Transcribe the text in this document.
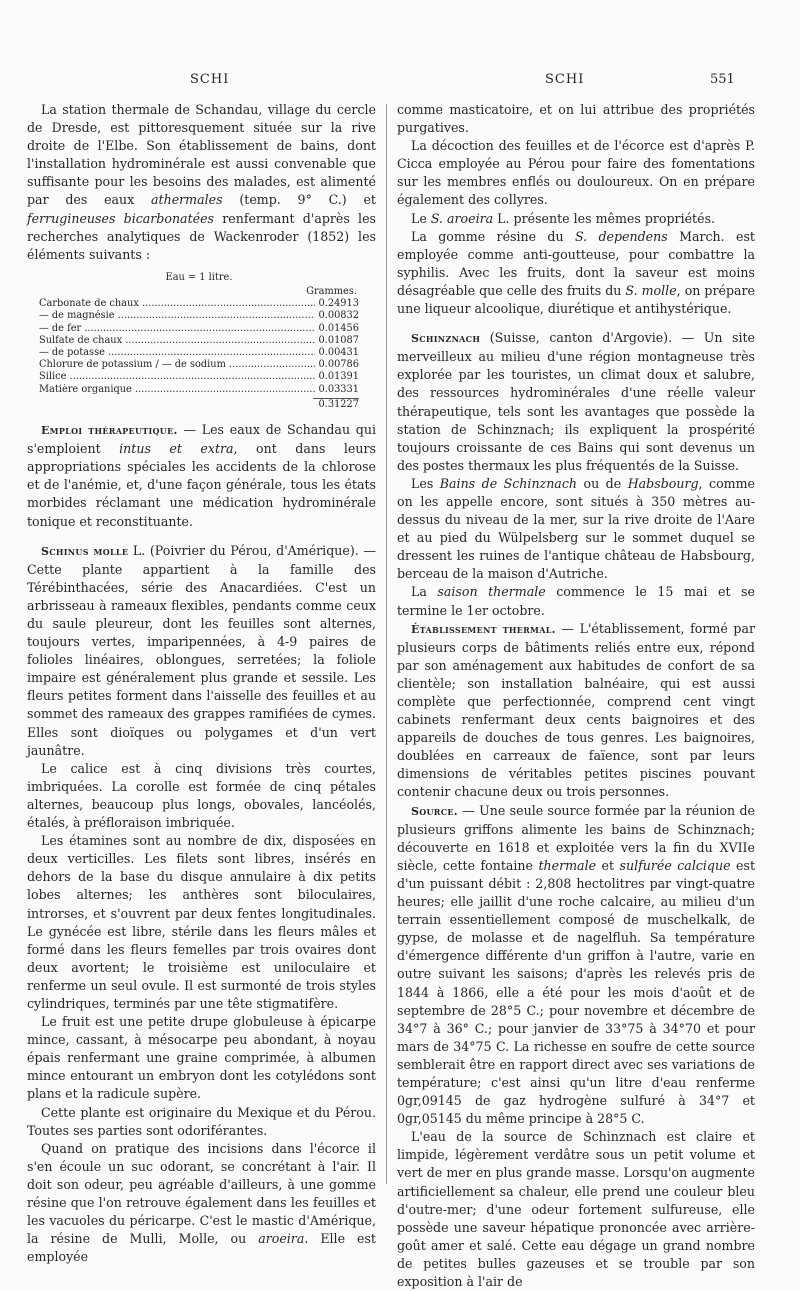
SCHI	SCHI	551

La station thermale de Schandau, village du cercle de Dresde, est pittoresquement située sur la rive droite de l'Elbe. Son établissement de bains, dont l'installation hydrominérale est aussi convenable que suffisante pour les besoins des malades, est alimenté par des eaux athermales (temp. 9° C.) et ferrugineuses bicarbonatées renfermant d'après les recherches analytiques de Wackenroder (1852) les éléments suivants :

Eau = 1 litre.
Grammes.
Carbonate de chaux .....	0.24913
— de magnésie .....	0.00832
— de fer .....	0.01456
Sulfate de chaux .....	0.01087
— de potasse .....	0.00431
Chlorure de potassium / — de sodium .....	0.00786
Silice .....	0.01391
Matière organique .....	0.03331
0.31227

Emploi thérapeutique. — Les eaux de Schandau qui s'emploient intus et extra, ont dans leurs appropriations spéciales les accidents de la chlorose et de l'anémie, et, d'une façon générale, tous les états morbides réclamant une médication hydrominérale tonique et reconstituante.

Schinus molle L. (Poivrier du Pérou, d'Amérique). — Cette plante appartient à la famille des Térébinthacées, série des Anacardiées. C'est un arbrisseau à rameaux flexibles, pendants comme ceux du saule pleureur, dont les feuilles sont alternes, toujours vertes, imparipennées, à 4-9 paires de folioles linéaires, oblongues, serretées; la foliole impaire est généralement plus grande et sessile. Les fleurs petites forment dans l'aisselle des feuilles et au sommet des rameaux des grappes ramifiées de cymes. Elles sont dioïques ou polygames et d'un vert jaunâtre.

Le calice est à cinq divisions très courtes, imbriquées. La corolle est formée de cinq pétales alternes, beaucoup plus longs, obovales, lancéolés, étalés, à préfloraison imbriquée.

Les étamines sont au nombre de dix, disposées en deux verticilles. Les filets sont libres, insérés en dehors de la base du disque annulaire à dix petits lobes alternes; les anthères sont biloculaires, introrses, et s'ouvrent par deux fentes longitudinales. Le gynécée est libre, stérile dans les fleurs mâles et formé dans les fleurs femelles par trois ovaires dont deux avortent; le troisième est uniloculaire et renferme un seul ovule. Il est surmonté de trois styles cylindriques, terminés par une tête stigmatifère.

Le fruit est une petite drupe globuleuse à épicarpe mince, cassant, à mésocarpe peu abondant, à noyau épais renfermant une graine comprimée, à albumen mince entourant un embryon dont les cotylédons sont plans et la radicule supère.

Cette plante est originaire du Mexique et du Pérou. Toutes ses parties sont odoriférantes.

Quand on pratique des incisions dans l'écorce il s'en écoule un suc odorant, se concrétant à l'air. Il doit son odeur, peu agréable d'ailleurs, à une gomme résine que l'on retrouve également dans les feuilles et les vacuoles du péricarpe. C'est le mastic d'Amérique, la résine de Mulli, Molle, ou aroeira. Elle est employée

comme masticatoire, et on lui attribue des propriétés purgatives.

La décoction des feuilles et de l'écorce est d'après P. Cicca employée au Pérou pour faire des fomentations sur les membres enflés ou douloureux. On en prépare également des collyres.

Le S. aroeira L. présente les mêmes propriétés.

La gomme résine du S. dependens March. est employée comme anti-goutteuse, pour combattre la syphilis. Avec les fruits, dont la saveur est moins désagréable que celle des fruits du S. molle, on prépare une liqueur alcoolique, diurétique et antihystérique.

Schinznach (Suisse, canton d'Argovie). — Un site merveilleux au milieu d'une région montagneuse très explorée par les touristes, un climat doux et salubre, des ressources hydrominérales d'une réelle valeur thérapeutique, tels sont les avantages que possède la station de Schinznach; ils expliquent la prospérité toujours croissante de ces Bains qui sont devenus un des postes thermaux les plus fréquentés de la Suisse.

Les Bains de Schinznach ou de Habsbourg, comme on les appelle encore, sont situés à 350 mètres au-dessus du niveau de la mer, sur la rive droite de l'Aare et au pied du Wülpelsberg sur le sommet duquel se dressent les ruines de l'antique château de Habsbourg, berceau de la maison d'Autriche.

La saison thermale commence le 15 mai et se termine le 1er octobre.

Établissement thermal. — L'établissement, formé par plusieurs corps de bâtiments reliés entre eux, répond par son aménagement aux habitudes de confort de sa clientèle; son installation balnéaire, qui est aussi complète que perfectionnée, comprend cent vingt cabinets renfermant deux cents baignoires et des appareils de douches de tous genres. Les baignoires, doublées en carreaux de faïence, sont par leurs dimensions de véritables petites piscines pouvant contenir chacune deux ou trois personnes.

Source. — Une seule source formée par la réunion de plusieurs griffons alimente les bains de Schinznach; découverte en 1618 et exploitée vers la fin du XVIIe siècle, cette fontaine thermale et sulfurée calcique est d'un puissant débit : 2,808 hectolitres par vingt-quatre heures; elle jaillit d'une roche calcaire, au milieu d'un terrain essentiellement composé de muschelkalk, de gypse, de molasse et de nagelfluh. Sa température d'émergence différente d'un griffon à l'autre, varie en outre suivant les saisons; d'après les relevés pris de 1844 à 1866, elle a été pour les mois d'août et de septembre de 28°5 C.; pour novembre et décembre de 34°7 à 36° C.; pour janvier de 33°75 à 34°70 et pour mars de 34°75 C. La richesse en soufre de cette source semblerait être en rapport direct avec ses variations de température; c'est ainsi qu'un litre d'eau renferme 0gr,09145 de gaz hydrogène sulfuré à 34°7 et 0gr,05145 du même principe à 28°5 C.

L'eau de la source de Schinznach est claire et limpide, légèrement verdâtre sous un petit volume et vert de mer en plus grande masse. Lorsqu'on augmente artificiellement sa chaleur, elle prend une couleur bleu d'outre-mer; d'une odeur fortement sulfureuse, elle possède une saveur hépatique prononcée avec arrière-goût amer et salé. Cette eau dégage un grand nombre de petites bulles gazeuses et se trouble par son exposition à l'air de
